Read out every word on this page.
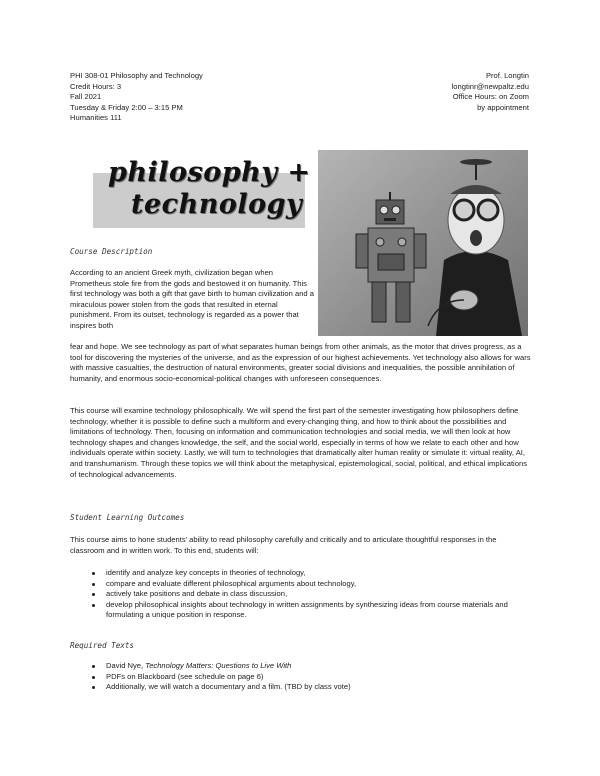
PHI 308-01 Philosophy and Technology
Credit Hours: 3
Fall 2021
Tuesday & Friday 2:00 – 3:15 PM
Humanities 111
Prof. Longtin
longtinr@newpaltz.edu
Office Hours: on Zoom
by appointment
philosophy +
technology
Course Description

According to an ancient Greek myth, civilization began when Prometheus stole fire from the gods and bestowed it on humanity. This first technology was both a gift that gave birth to human civilization and a miraculous power stolen from the gods that resulted in eternal punishment. From its outset, technology is regarded as a power that inspires both

fear and hope. We see technology as part of what separates human beings from other animals, as the motor that drives progress, as a tool for discovering the mysteries of the universe, and as the expression of our highest achievements. Yet technology also allows for wars with massive casualties, the destruction of natural environments, greater social divisions and inequalities, the possible annihilation of humanity, and enormous socio-economical-political changes with unforeseen consequences.

This course will examine technology philosophically. We will spend the first part of the semester investigating how philosophers define technology, whether it is possible to define such a multiform and every-changing thing, and how to think about the possibilities and limitations of technology. Then, focusing on information and communication technologies and social media, we will then look at how technology shapes and changes knowledge, the self, and the social world, especially in terms of how we relate to each other and how individuals operate within society. Lastly, we will turn to technologies that dramatically alter human reality or simulate it: virtual reality, AI, and transhumanism. Through these topics we will think about the metaphysical, epistemological, social, political, and ethical implications of technological advancements.

Student Learning Outcomes

This course aims to hone students’ ability to read philosophy carefully and critically and to articulate thoughtful responses in the classroom and in written work. To this end, students will:

identify and analyze key concepts in theories of technology,
compare and evaluate different philosophical arguments about technology,
actively take positions and debate in class discussion,
develop philosophical insights about technology in written assignments by synthesizing ideas from course materials and formulating a unique position in response.
Required Texts
David Nye, Technology Matters: Questions to Live With
PDFs on Blackboard (see schedule on page 6)
Additionally, we will watch a documentary and a film. (TBD by class vote)
